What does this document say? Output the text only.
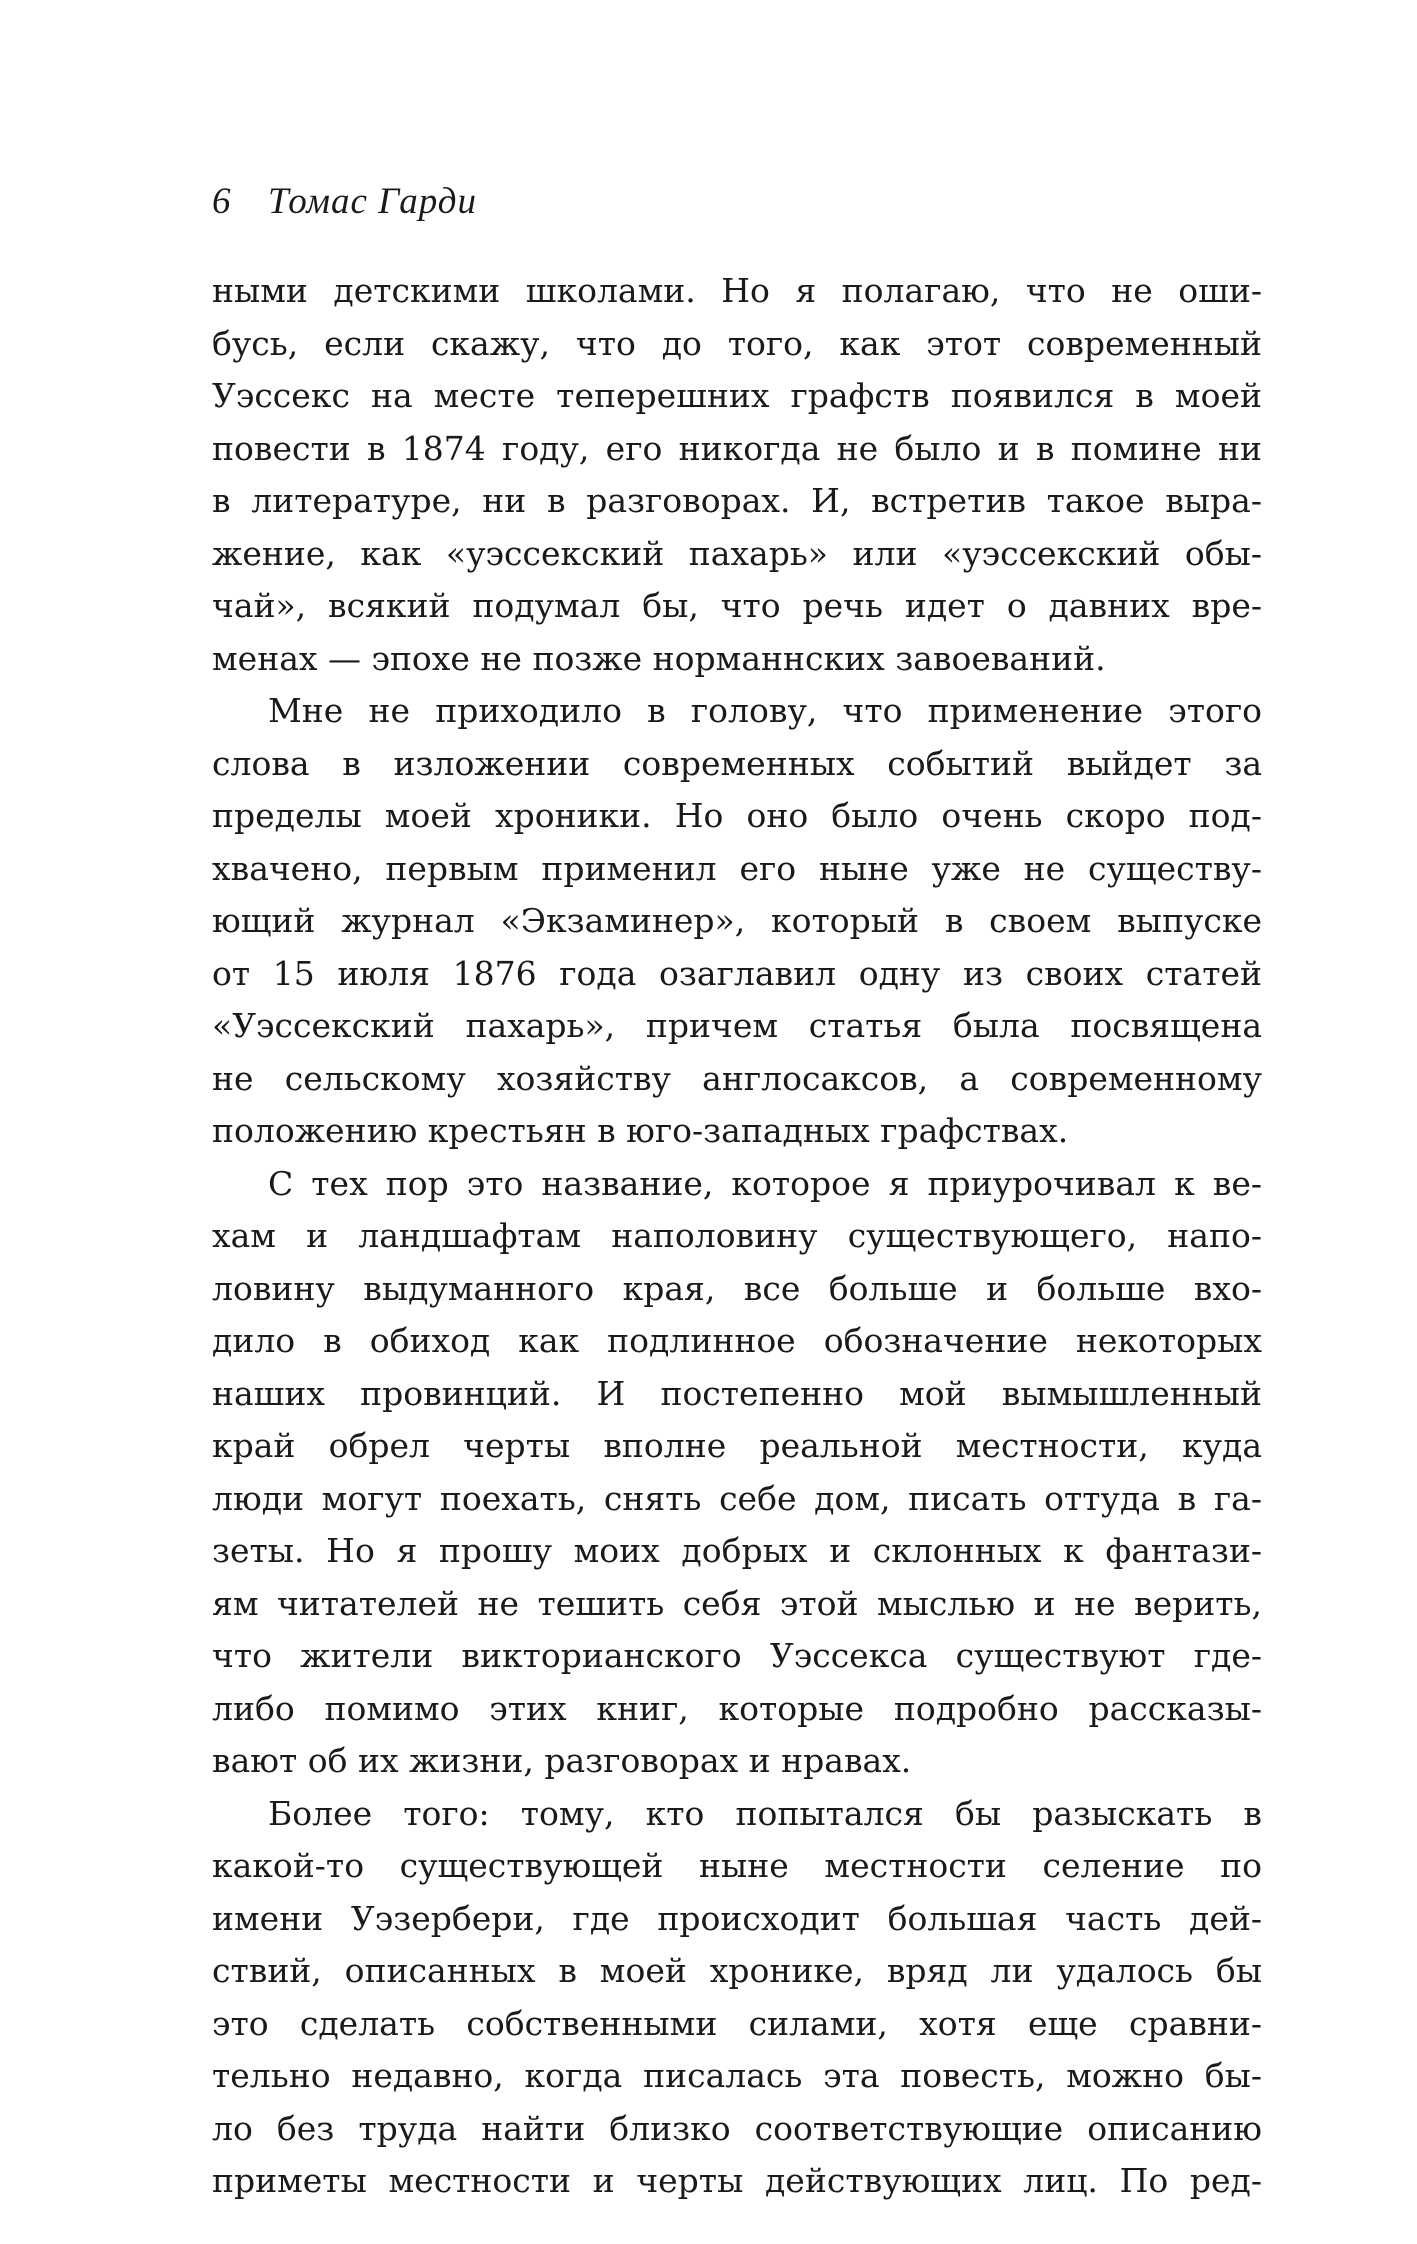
6 Томас Гарди
ными детскими школами. Но я полагаю, что не оши-
бусь, если скажу, что до того, как этот современный
Уэссекс на месте теперешних графств появился в моей
повести в 1874 году, его никогда не было и в помине ни
в литературе, ни в разговорах. И, встретив такое выра-
жение, как «уэссекский пахарь» или «уэссекский обы-
чай», всякий подумал бы, что речь идет о давних вре-
менах — эпохе не позже норманнских завоеваний.
Мне не приходило в голову, что применение этого
слова в изложении современных событий выйдет за
пределы моей хроники. Но оно было очень скоро под-
хвачено, первым применил его ныне уже не существу-
ющий журнал «Экзаминер», который в своем выпуске
от 15 июля 1876 года озаглавил одну из своих статей
«Уэссекский пахарь», причем статья была посвящена
не сельскому хозяйству англосаксов, а современному
положению крестьян в юго-западных графствах.
С тех пор это название, которое я приурочивал к ве-
хам и ландшафтам наполовину существующего, напо-
ловину выдуманного края, все больше и больше вхо-
дило в обиход как подлинное обозначение некоторых
наших провинций. И постепенно мой вымышленный
край обрел черты вполне реальной местности, куда
люди могут поехать, снять себе дом, писать оттуда в га-
зеты. Но я прошу моих добрых и склонных к фантази-
ям читателей не тешить себя этой мыслью и не верить,
что жители викторианского Уэссекса существуют где-
либо помимо этих книг, которые подробно рассказы-
вают об их жизни, разговорах и нравах.
Более того: тому, кто попытался бы разыскать в
какой-то существующей ныне местности селение по
имени Уэзербери, где происходит большая часть дей-
ствий, описанных в моей хронике, вряд ли удалось бы
это сделать собственными силами, хотя еще сравни-
тельно недавно, когда писалась эта повесть, можно бы-
ло без труда найти близко соответствующие описанию
приметы местности и черты действующих лиц. По ред-
